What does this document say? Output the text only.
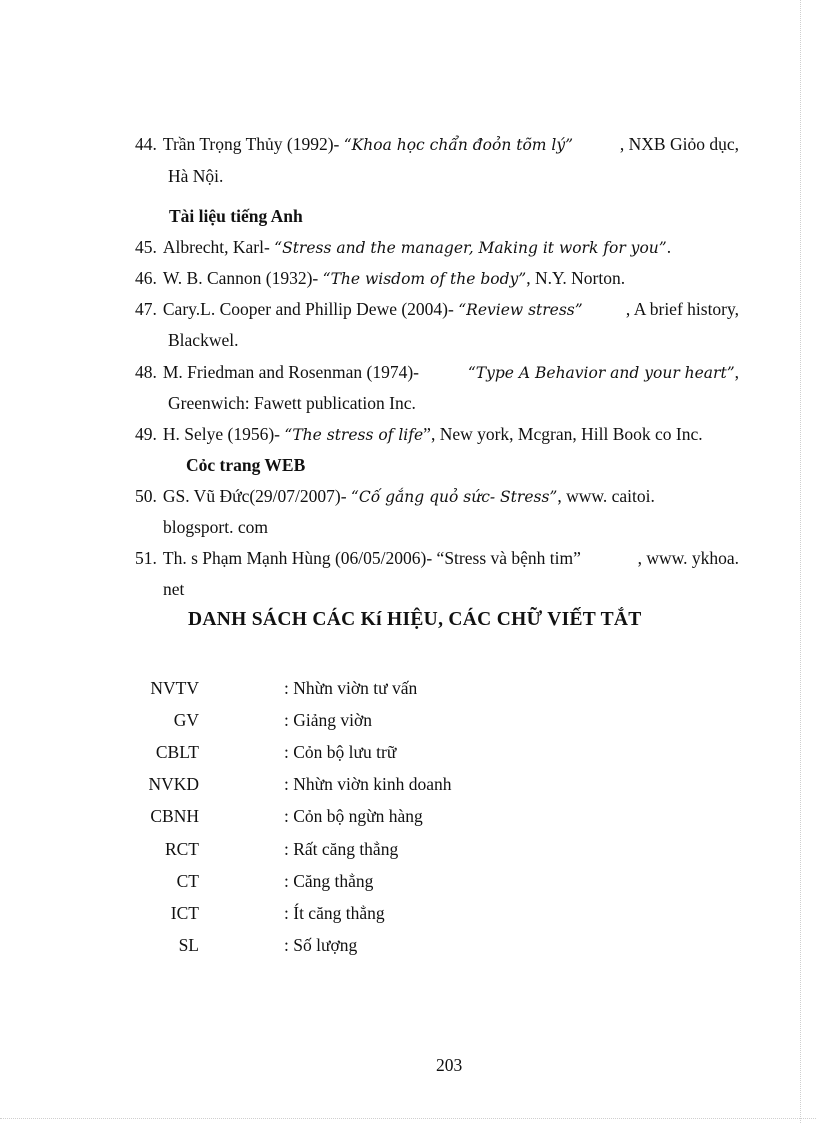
44. Trần Trọng Thủy (1992)- “Khoa học chẩn đoỏn tõm lý”	, NXB Giỏo dục,
Hà Nội.
Tài liệu tiếng Anh
45. Albrecht, Karl- “Stress and the manager, Making it work for you”.
46. W. B. Cannon (1932)- “The wisdom of the body”, N.Y. Norton.
47. Cary.L. Cooper and Phillip Dewe (2004)- “Review stress” , A brief history,
Blackwel.
48. M. Friedman and Rosenman (1974)-	“Type A Behavior and your heart”,
Greenwich: Fawett publication Inc.
49. H. Selye (1956)- “The stress of life”, New york, Mcgran, Hill Book co Inc.
Cỏc trang WEB
50. GS. Vũ Đức(29/07/2007)- “Cố gắng quỏ sức- Stress”, www. caitoi.
blogsport. com
51. Th. s Phạm Mạnh Hùng (06/05/2006)- “Stress và bệnh tim”	, www. ykhoa.
net
DANH SÁCH CÁC Kí HIỆU, CÁC CHỮ VIẾT TẮT
NVTV	: Nhừn viờn tư vấn
GV	: Giảng viờn
CBLT	: Cỏn bộ lưu trữ
NVKD	: Nhừn viờn kinh doanh
CBNH	: Cỏn bộ ngừn hàng
RCT	: Rất căng thẳng
CT	: Căng thẳng
ICT	: Ít căng thẳng
SL	: Số lượng
203
